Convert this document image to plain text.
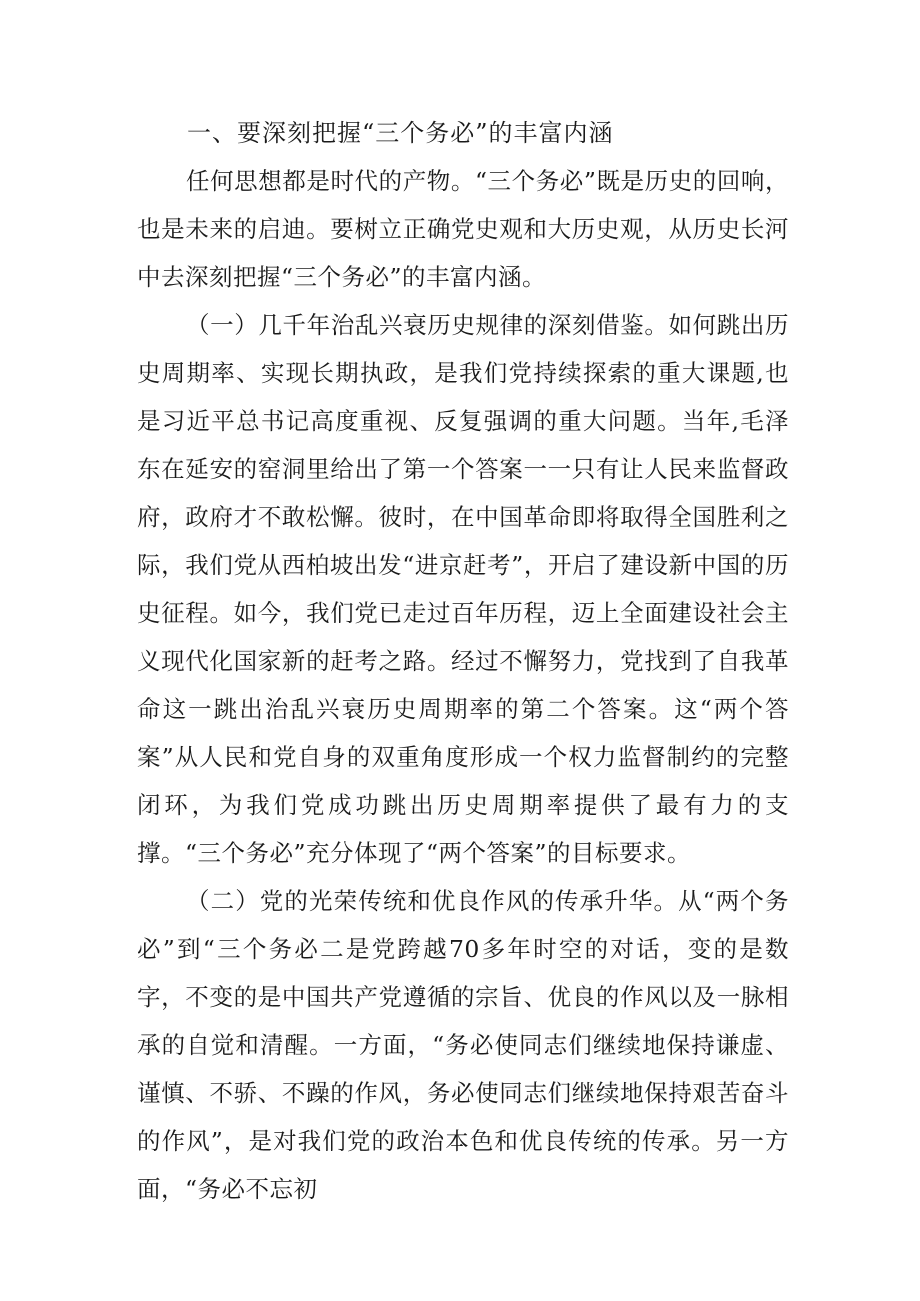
一、要深刻把握“三个务必”的丰富内涵

任何思想都是时代的产物。“三个务必”既是历史的回响，也是未来的启迪。要树立正确党史观和大历史观，从历史长河中去深刻把握“三个务必”的丰富内涵。

（一）几千年治乱兴衰历史规律的深刻借鉴。如何跳出历史周期率、实现长期执政，是我们党持续探索的重大课题,也是习近平总书记高度重视、反复强调的重大问题。当年,毛泽东在延安的窑洞里给出了第一个答案一一只有让人民来监督政府，政府才不敢松懈。彼时，在中国革命即将取得全国胜利之际，我们党从西柏坡出发“进京赶考”，开启了建设新中国的历史征程。如今，我们党已走过百年历程，迈上全面建设社会主义现代化国家新的赶考之路。经过不懈努力，党找到了自我革命这一跳出治乱兴衰历史周期率的第二个答案。这“两个答案”从人民和党自身的双重角度形成一个权力监督制约的完整闭环，为我们党成功跳出历史周期率提供了最有力的支撑。“三个务必”充分体现了“两个答案”的目标要求。

（二）党的光荣传统和优良作风的传承升华。从“两个务必”到“三个务必二是党跨越70多年时空的对话，变的是数字，不变的是中国共产党遵循的宗旨、优良的作风以及一脉相承的自觉和清醒。一方面，“务必使同志们继续地保持谦虚、谨慎、不骄、不躁的作风，务必使同志们继续地保持艰苦奋斗的作风”，是对我们党的政治本色和优良传统的传承。另一方面，“务必不忘初
